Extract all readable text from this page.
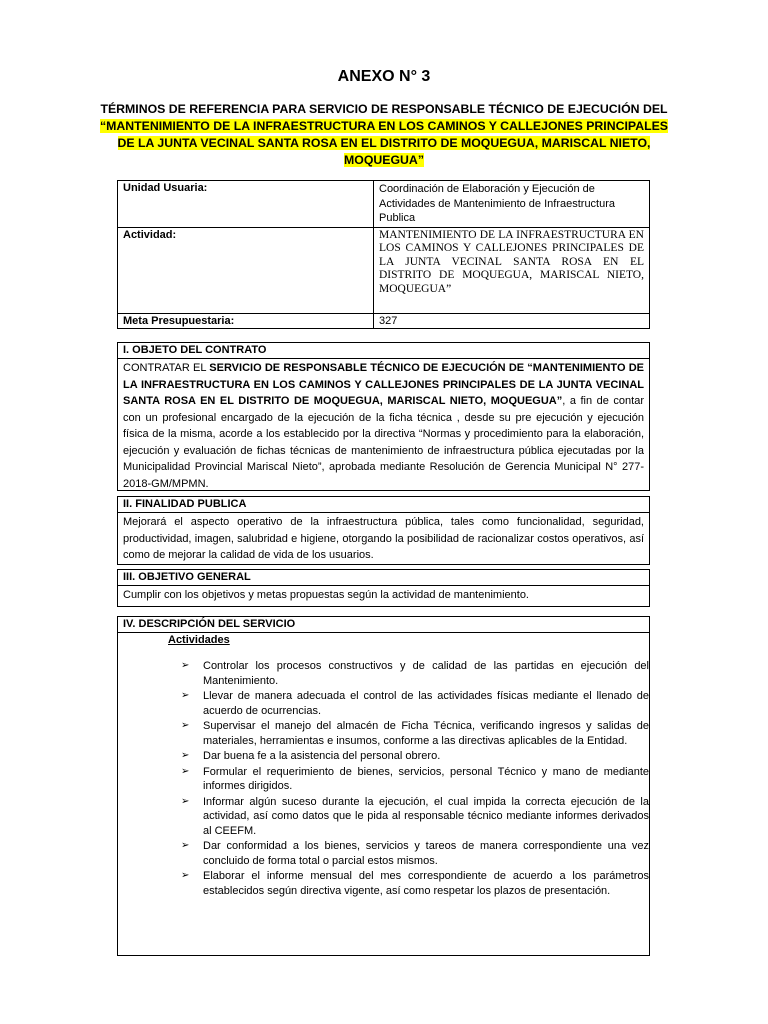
ANEXO N° 3
TÉRMINOS DE REFERENCIA PARA SERVICIO DE RESPONSABLE TÉCNICO DE EJECUCIÓN DEL
“MANTENIMIENTO DE LA INFRAESTRUCTURA EN LOS CAMINOS Y CALLEJONES PRINCIPALES
DE LA JUNTA VECINAL SANTA ROSA EN EL DISTRITO DE MOQUEGUA, MARISCAL NIETO,
MOQUEGUA”
Unidad Usuaria:	Coordinación de Elaboración y Ejecución de Actividades de Mantenimiento de Infraestructura Publica
Actividad:	MANTENIMIENTO DE LA INFRAESTRUCTURA EN LOS CAMINOS Y CALLEJONES PRINCIPALES DE LA JUNTA VECINAL SANTA ROSA EN EL DISTRITO DE MOQUEGUA, MARISCAL NIETO, MOQUEGUA”
Meta Presupuestaria:	327
I. OBJETO DEL CONTRATO
CONTRATAR EL SERVICIO DE RESPONSABLE TÉCNICO DE EJECUCIÓN DE “MANTENIMIENTO DE LA INFRAESTRUCTURA EN LOS CAMINOS Y CALLEJONES PRINCIPALES DE LA JUNTA VECINAL SANTA ROSA EN EL DISTRITO DE MOQUEGUA, MARISCAL NIETO, MOQUEGUA”, a fin de contar con un profesional encargado de la ejecución de la ficha técnica , desde su pre ejecución y ejecución física de la misma, acorde a los establecido por la directiva “Normas y procedimiento para la elaboración, ejecución y evaluación de fichas técnicas de mantenimiento de infraestructura pública ejecutadas por la Municipalidad Provincial Mariscal Nieto”, aprobada mediante Resolución de Gerencia Municipal N° 277-2018-GM/MPMN.
II. FINALIDAD PUBLICA
Mejorará el aspecto operativo de la infraestructura pública, tales como funcionalidad, seguridad, productividad, imagen, salubridad e higiene, otorgando la posibilidad de racionalizar costos operativos, así como de mejorar la calidad de vida de los usuarios.
III. OBJETIVO GENERAL
Cumplir con los objetivos y metas propuestas según la actividad de mantenimiento.
IV. DESCRIPCIÓN DEL SERVICIO
Actividades
➢ Controlar los procesos constructivos y de calidad de las partidas en ejecución del Mantenimiento.
➢ Llevar de manera adecuada el control de las actividades físicas mediante el llenado de acuerdo de ocurrencias.
➢ Supervisar el manejo del almacén de Ficha Técnica, verificando ingresos y salidas de materiales, herramientas e insumos, conforme a las directivas aplicables de la Entidad.
➢ Dar buena fe a la asistencia del personal obrero.
➢ Formular el requerimiento de bienes, servicios, personal Técnico y mano de mediante informes dirigidos.
➢ Informar algún suceso durante la ejecución, el cual impida la correcta ejecución de la actividad, así como datos que le pida al responsable técnico mediante informes derivados al CEEFM.
➢ Dar conformidad a los bienes, servicios y tareos de manera correspondiente una vez concluido de forma total o parcial estos mismos.
➢ Elaborar el informe mensual del mes correspondiente de acuerdo a los parámetros establecidos según directiva vigente, así como respetar los plazos de presentación.
